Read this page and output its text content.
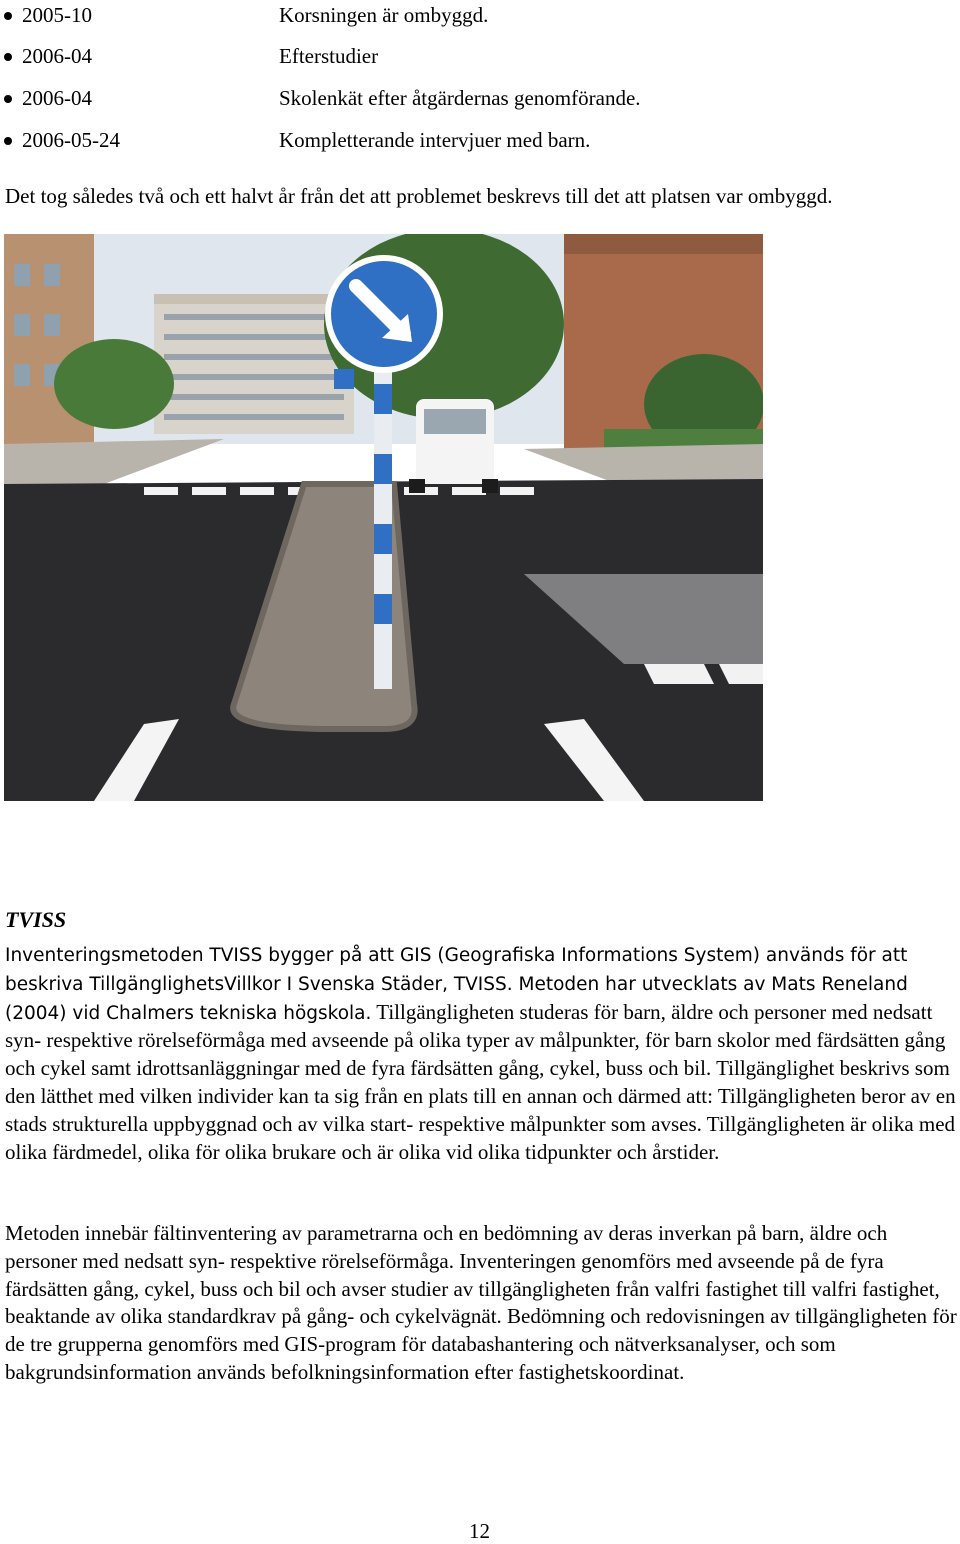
2005-10	Korsningen är ombyggd.
2006-04	Efterstudier
2006-04	Skolenkät efter åtgärdernas genomförande.
2006-05-24	Kompletterande intervjuer med barn.
Det tog således två och ett halvt år från det att problemet beskrevs till det att platsen var ombyggd.
TVISS

Inventeringsmetoden TVISS bygger på att GIS (Geografiska Informations System) används för att beskriva TillgänglighetsVillkor I Svenska Städer, TVISS. Metoden har utvecklats av Mats Reneland (2004) vid Chalmers tekniska högskola. Tillgängligheten studeras för barn, äldre och personer med nedsatt syn- respektive rörelseförmåga med avseende på olika typer av målpunkter, för barn skolor med färdsätten gång och cykel samt idrottsanläggningar med de fyra färdsätten gång, cykel, buss och bil. Tillgänglighet beskrivs som den lätthet med vilken individer kan ta sig från en plats till en annan och därmed att: Tillgängligheten beror av en stads strukturella uppbyggnad och av vilka start- respektive målpunkter som avses. Tillgängligheten är olika med olika färdmedel, olika för olika brukare och är olika vid olika tidpunkter och årstider.

Metoden innebär fältinventering av parametrarna och en bedömning av deras inverkan på barn, äldre och personer med nedsatt syn- respektive rörelseförmåga. Inventeringen genomförs med avseende på de fyra färdsätten gång, cykel, buss och bil och avser studier av tillgängligheten från valfri fastighet till valfri fastighet, beaktande av olika standardkrav på gång- och cykelvägnät. Bedömning och redovisningen av tillgängligheten för de tre grupperna genomförs med GIS-program för databashantering och nätverksanalyser, och som bakgrundsinformation används befolkningsinformation efter fastighetskoordinat.

12
